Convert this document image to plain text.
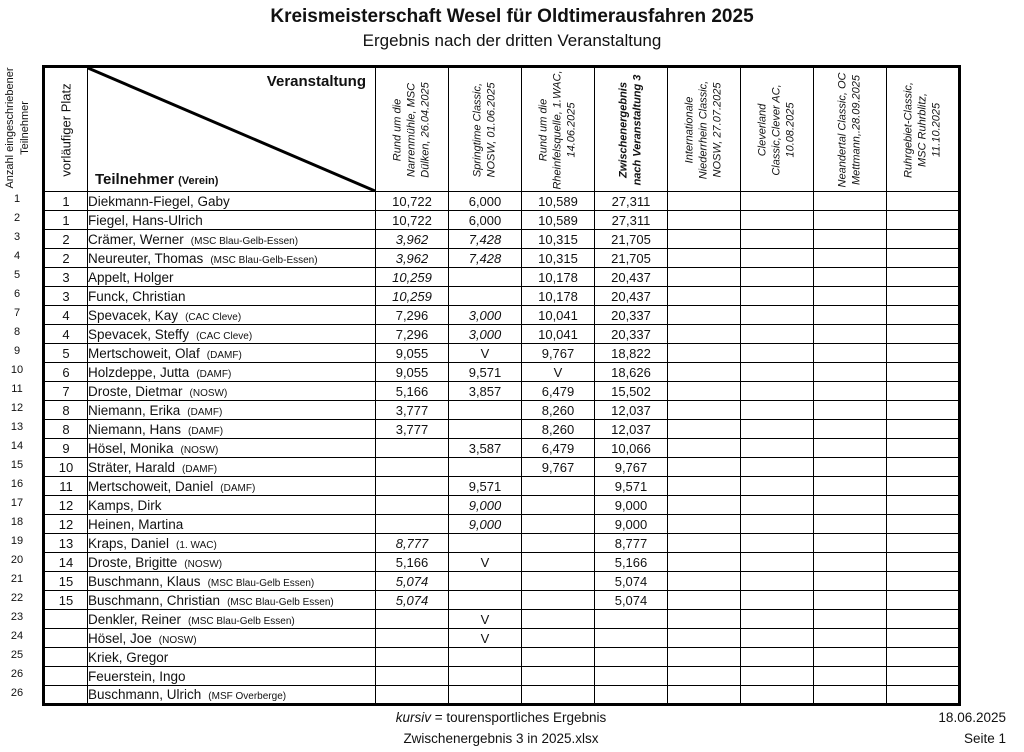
Kreismeisterschaft Wesel für Oldtimerausfahren 2025
Ergebnis nach der dritten Veranstaltung
Anzahl eingeschriebener Teilnehmer
1
2
3
4
5
6
7
8
9
10
11
12
13
14
15
16
17
18
19
20
21
22
23
24
25
26
26
vorläufiger Platz

Veranstaltung
Teilnehmer (Verein)

Rund um die Narrenmühle, MSC Dülken, 26.04.2025	Springtime Classic, NOSW, 01.06.2025	Rund um die Rheinfelsquelle, 1.WAC, 14.06.2025	Zwischenergebnis nach Veranstaltung 3	Internationale Niederrhein Classic, NOSW, 27.07.2025	Cleverland Classic,Clever AC, 10.08.2025	Neandertal Classic, OC Mettmann,.28.09.2025	Ruhrgebiet-Classic, MSC Ruhrblitz, 11.10.2025

1	Diekmann-Fiegel, Gaby	10,722	6,000	10,589	27,311				
1	Fiegel, Hans-Ulrich	10,722	6,000	10,589	27,311				
2	Crämer, Werner (MSC Blau-Gelb-Essen)	3,962	7,428	10,315	21,705				
2	Neureuter, Thomas (MSC Blau-Gelb-Essen)	3,962	7,428	10,315	21,705				
3	Appelt, Holger	10,259		10,178	20,437				
3	Funck, Christian	10,259		10,178	20,437				
4	Spevacek, Kay (CAC Cleve)	7,296	3,000	10,041	20,337				
4	Spevacek, Steffy (CAC Cleve)	7,296	3,000	10,041	20,337				
5	Mertschoweit, Olaf (DAMF)	9,055	V	9,767	18,822				
6	Holzdeppe, Jutta (DAMF)	9,055	9,571	V	18,626				
7	Droste, Dietmar (NOSW)	5,166	3,857	6,479	15,502				
8	Niemann, Erika (DAMF)	3,777		8,260	12,037				
8	Niemann, Hans (DAMF)	3,777		8,260	12,037				
9	Hösel, Monika (NOSW)		3,587	6,479	10,066				
10	Sträter, Harald (DAMF)			9,767	9,767				
11	Mertschoweit, Daniel (DAMF)		9,571		9,571				
12	Kamps, Dirk		9,000		9,000				
12	Heinen, Martina		9,000		9,000				
13	Kraps, Daniel (1. WAC)	8,777			8,777				
14	Droste, Brigitte (NOSW)	5,166	V		5,166				
15	Buschmann, Klaus (MSC Blau-Gelb Essen)	5,074			5,074				
15	Buschmann, Christian (MSC Blau-Gelb Essen)	5,074			5,074				
	Denkler, Reiner (MSC Blau-Gelb Essen)		V						
	Hösel, Joe (NOSW)		V						
	Kriek, Gregor								
	Feuerstein, Ingo								
	Buschmann, Ulrich (MSF Overberge)								
kursiv = tourensportliches Ergebnis
Zwischenergebnis 3 in 2025.xlsx
18.06.2025
Seite 1
